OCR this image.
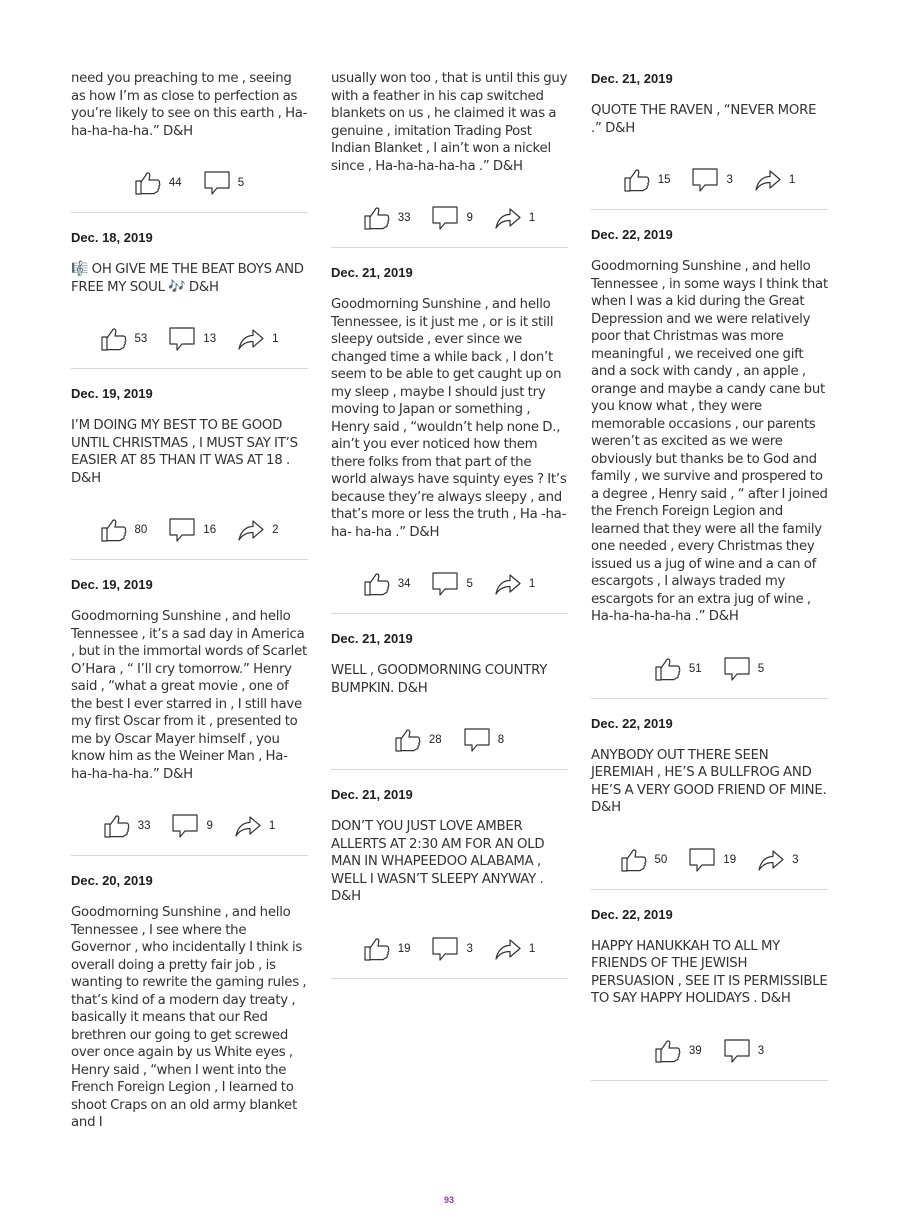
need you preaching to me , seeing as how I’m as close to perfection as you’re likely to see on this earth , Ha-ha-ha-ha-ha.” D&H

44	5
Dec. 18, 2019

🎼 OH GIVE ME THE BEAT BOYS AND FREE MY SOUL 🎶 D&H

53	13	1
Dec. 19, 2019

I’M DOING MY BEST TO BE GOOD UNTIL CHRISTMAS , I MUST SAY IT’S EASIER AT 85 THAN IT WAS AT 18 . D&H

80	16	2
Dec. 19, 2019

Goodmorning Sunshine , and hello Tennessee , it’s a sad day in America , but in the immortal words of Scarlet O’Hara , “ I’ll cry tomorrow.” Henry said , “what a great movie , one of the best I ever starred in , I still have my first Oscar from it , presented to me by Oscar Mayer himself , you know him as the Weiner Man , Ha-ha-ha-ha-ha.” D&H

33	9	1
Dec. 20, 2019

Goodmorning Sunshine , and hello Tennessee , I see where the Governor , who incidentally I think is overall doing a pretty fair job , is wanting to rewrite the gaming rules , that’s kind of a modern day treaty , basically it means that our Red brethren our going to get screwed over once again by us White eyes , Henry said , “when I went into the French Foreign Legion , I learned to shoot Craps on an old army blanket and I

usually won too , that is until this guy with a feather in his cap switched blankets on us , he claimed it was a genuine , imitation Trading Post Indian Blanket , I ain’t won a nickel since , Ha-ha-ha-ha-ha .” D&H

33	9	1
Dec. 21, 2019

Goodmorning Sunshine , and hello Tennessee, is it just me , or is it still sleepy outside , ever since we changed time a while back , I don’t seem to be able to get caught up on my sleep , maybe I should just try moving to Japan or something , Henry said , “wouldn’t help none D., ain’t you ever noticed how them there folks from that part of the world always have squinty eyes ? It’s because they’re always sleepy , and that’s more or less the truth , Ha -ha- ha- ha-ha .” D&H

34	5	1
Dec. 21, 2019

WELL , GOODMORNING COUNTRY BUMPKIN. D&H

28	8
Dec. 21, 2019

DON’T YOU JUST LOVE AMBER ALLERTS AT 2:30 AM FOR AN OLD MAN IN WHAPEEDOO ALABAMA , WELL I WASN’T SLEEPY ANYWAY . D&H

19	3	1
Dec. 21, 2019

QUOTE THE RAVEN , “NEVER MORE .” D&H

15	3	1
Dec. 22, 2019

Goodmorning Sunshine , and hello Tennessee , in some ways I think that when I was a kid during the Great Depression and we were relatively poor that Christmas was more meaningful , we received one gift and a sock with candy , an apple , orange and maybe a candy cane but you know what , they were memorable occasions , our parents weren’t as excited as we were obviously but thanks be to God and family , we survive and prospered to a degree , Henry said , “ after I joined the French Foreign Legion and learned that they were all the family one needed , every Christmas they issued us a jug of wine and a can of escargots , I always traded my escargots for an extra jug of wine , Ha-ha-ha-ha-ha .” D&H

51	5
Dec. 22, 2019

ANYBODY OUT THERE SEEN JEREMIAH , HE’S A BULLFROG AND HE’S A VERY GOOD FRIEND OF MINE. D&H

50	19	3
Dec. 22, 2019

HAPPY HANUKKAH TO ALL MY FRIENDS OF THE JEWISH PERSUASION , SEE IT IS PERMISSIBLE TO SAY HAPPY HOLIDAYS . D&H

39	3
93
